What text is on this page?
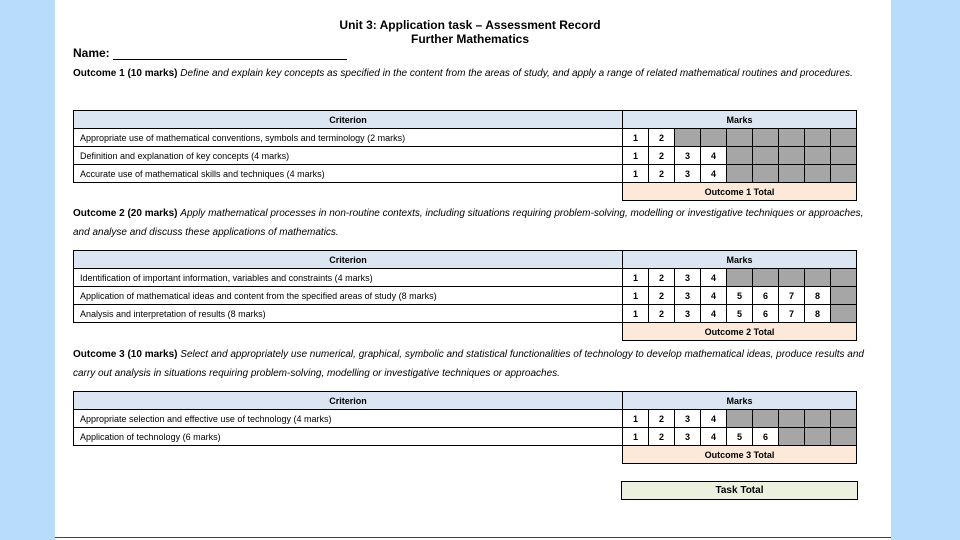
Unit 3: Application task – Assessment Record
Further Mathematics
Name:
Outcome 1 (10 marks) Define and explain key concepts as specified in the content from the areas of study, and apply a range of related mathematical routines and procedures.
Criterion	Marks								
Appropriate use of mathematical conventions, symbols and terminology (2 marks)	1	2							
Definition and explanation of key concepts (4 marks)	1	2	3	4					
Accurate use of mathematical skills and techniques (4 marks)	1	2	3	4					
	Outcome 1 Total								
Outcome 2 (20 marks) Apply mathematical processes in non-routine contexts, including situations requiring problem-solving, modelling or investigative techniques or approaches, and analyse and discuss these applications of mathematics.
Criterion	Marks								
Identification of important information, variables and constraints (4 marks)	1	2	3	4					
Application of mathematical ideas and content from the specified areas of study (8 marks)	1	2	3	4	5	6	7	8	
Analysis and interpretation of results (8 marks)	1	2	3	4	5	6	7	8	
	Outcome 2 Total								
Outcome 3 (10 marks) Select and appropriately use numerical, graphical, symbolic and statistical functionalities of technology to develop mathematical ideas, produce results and carry out analysis in situations requiring problem-solving, modelling or investigative techniques or approaches.
Criterion	Marks								
Appropriate selection and effective use of technology (4 marks)	1	2	3	4					
Application of technology (6 marks)	1	2	3	4	5	6			
	Outcome 3 Total								
Task Total
